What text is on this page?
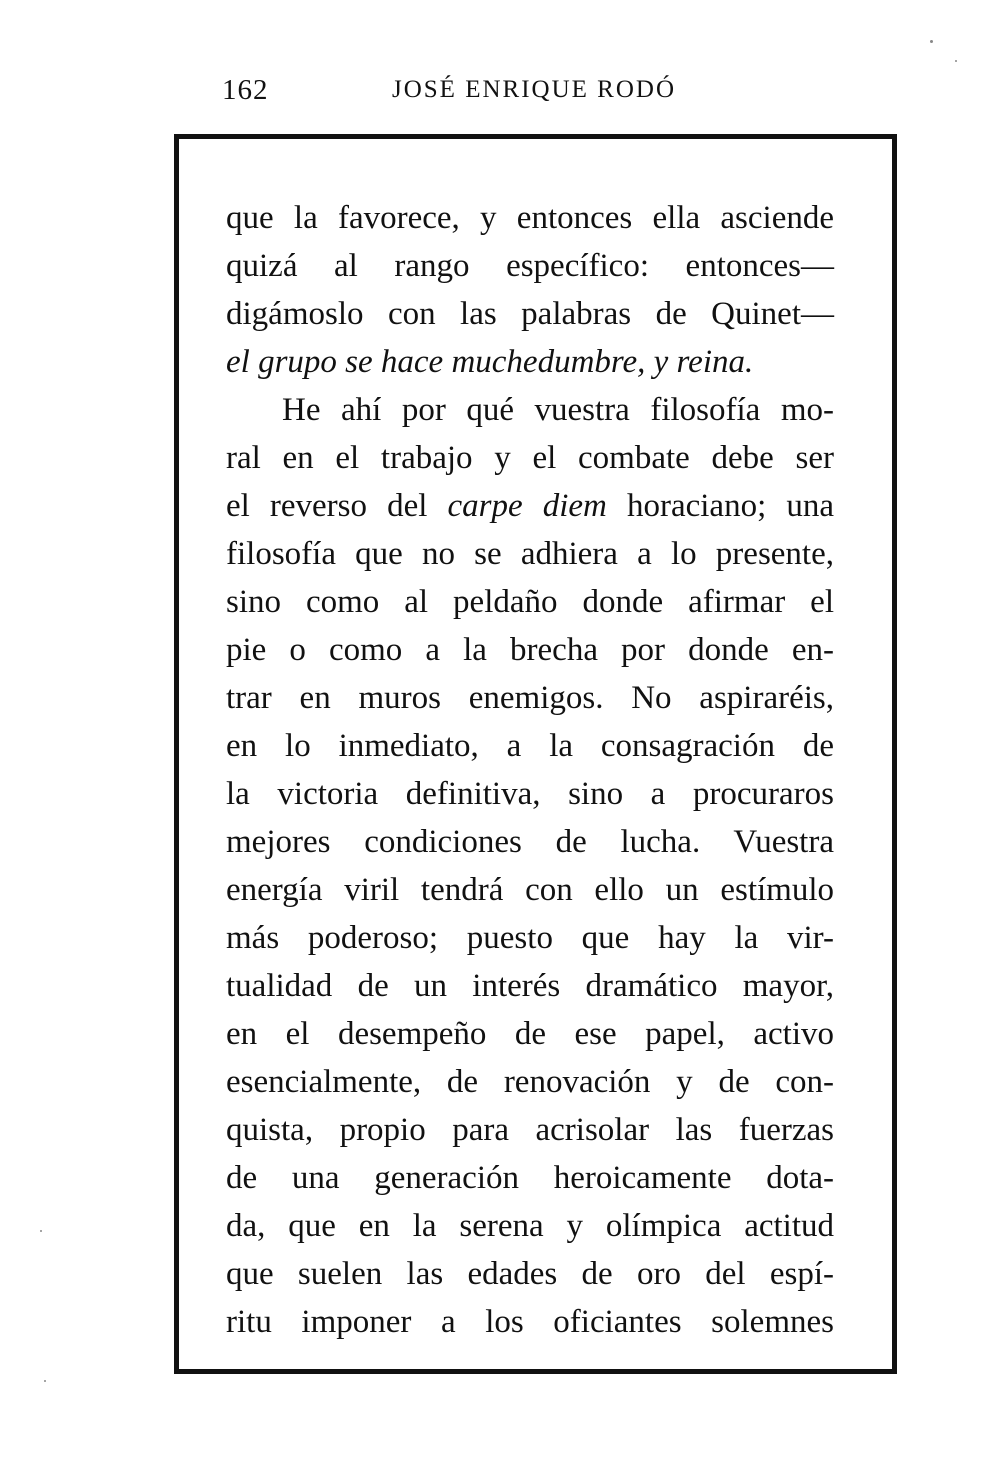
162	JOSÉ ENRIQUE RODÓ
que la favorece, y entonces ella asciende
quizá al rango específico: entonces—
digámoslo con las palabras de Quinet—
el grupo se hace muchedumbre, y reina.
He ahí por qué vuestra filosofía mo-
ral en el trabajo y el combate debe ser
el reverso del carpe diem horaciano; una
filosofía que no se adhiera a lo presente,
sino como al peldaño donde afirmar el
pie o como a la brecha por donde en-
trar en muros enemigos. No aspiraréis,
en lo inmediato, a la consagración de
la victoria definitiva, sino a procuraros
mejores condiciones de lucha. Vuestra
energía viril tendrá con ello un estímulo
más poderoso; puesto que hay la vir-
tualidad de un interés dramático mayor,
en el desempeño de ese papel, activo
esencialmente, de renovación y de con-
quista, propio para acrisolar las fuerzas
de una generación heroicamente dota-
da, que en la serena y olímpica actitud
que suelen las edades de oro del espí-
ritu imponer a los oficiantes solemnes
